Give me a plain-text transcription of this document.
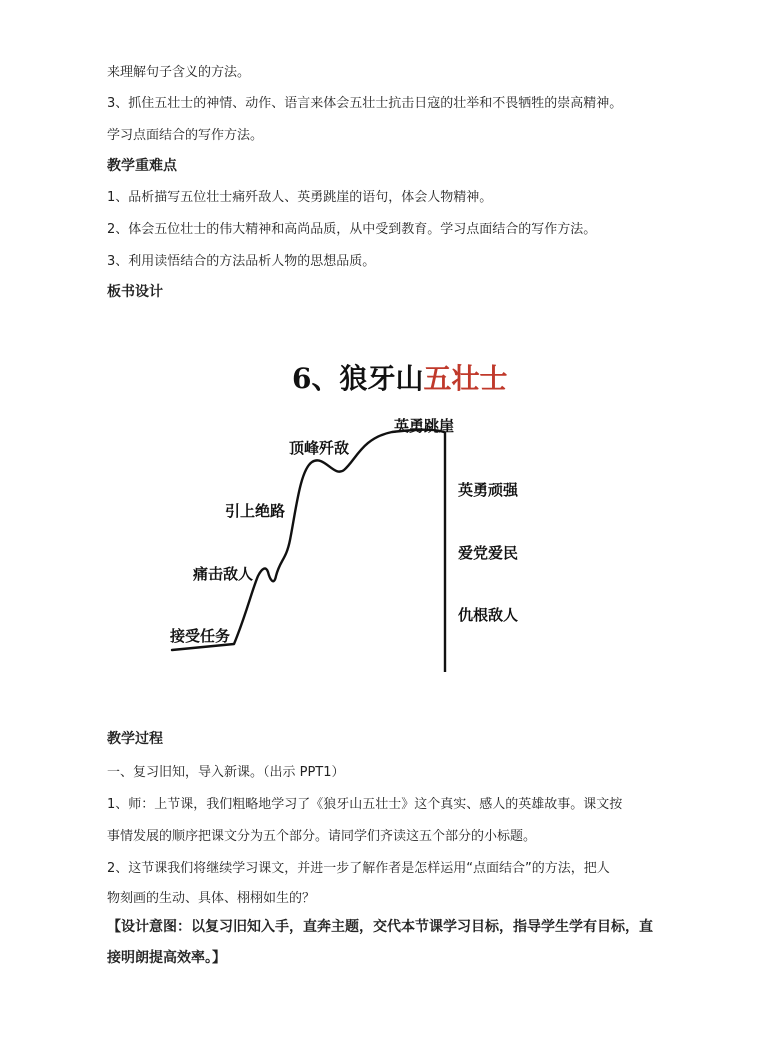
来理解句子含义的方法。
3、抓住五壮士的神情、动作、语言来体会五壮士抗击日寇的壮举和不畏牺牲的崇高精神。
学习点面结合的写作方法。
教学重难点
1、品析描写五位壮士痛歼敌人、英勇跳崖的语句，体会人物精神。
2、体会五位壮士的伟大精神和高尚品质，从中受到教育。学习点面结合的写作方法。
3、利用读悟结合的方法品析人物的思想品质。
板书设计
6、狼牙山五壮士
接受任务
痛击敌人
引上绝路
顶峰歼敌
英勇跳崖
英勇顽强
爱党爱民
仇根敌人
教学过程
一、复习旧知，导入新课。（出示 PPT1）
1、师：上节课，我们粗略地学习了《狼牙山五壮士》这个真实、感人的英雄故事。课文按
事情发展的顺序把课文分为五个部分。请同学们齐读这五个部分的小标题。
2、这节课我们将继续学习课文，并进一步了解作者是怎样运用“点面结合”的方法，把人
物刻画的生动、具体、栩栩如生的？
【设计意图：以复习旧知入手，直奔主题，交代本节课学习目标，指导学生学有目标，直
接明朗提高效率。】
